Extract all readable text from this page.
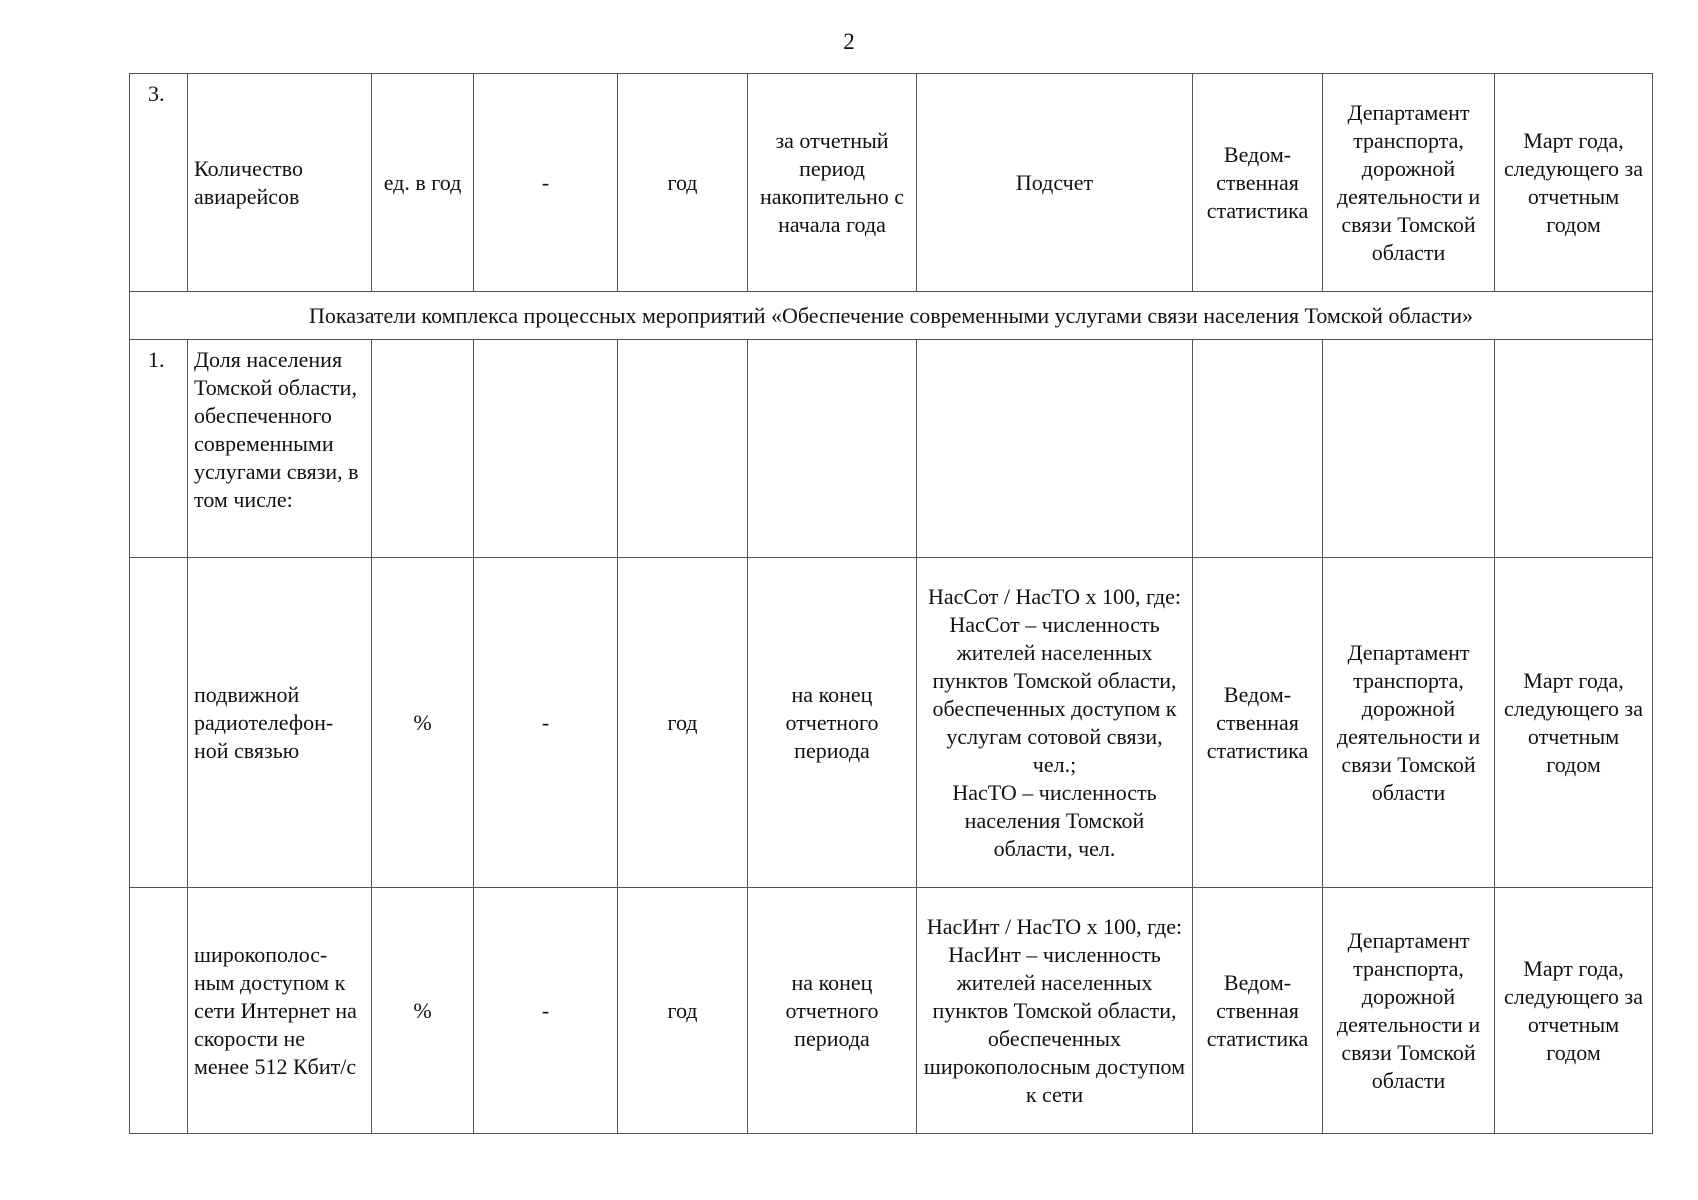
2
3.	Количество авиарейсов	ед. в год	-	год	за отчетный период накопительно с начала года	Подсчет	Ведом-ственная статистика	Департамент транспорта, дорожной деятельности и связи Томской области	Март года, следующего за отчетным годом
Показатели комплекса процессных мероприятий «Обеспечение современными услугами связи населения Томской области»									
1.	Доля населения Томской области, обеспеченного современными услугами связи, в том числе:								
	подвижной радиотелефон-ной связью	%	-	год	на конец отчетного периода	НасСот / НасТО x 100, где:
НасСот – численность жителей населенных пунктов Томской области, обеспеченных доступом к услугам сотовой связи, чел.;
НасТО – численность населения Томской области, чел.	Ведом-ственная статистика	Департамент транспорта, дорожной деятельности и связи Томской области	Март года, следующего за отчетным годом
	широкополос-ным доступом к сети Интернет на скорости не менее 512 Кбит/с	%	-	год	на конец отчетного периода	НасИнт / НасТО x 100, где:
НасИнт – численность жителей населенных пунктов Томской области, обеспеченных широкополосным доступом к сети	Ведом-ственная статистика	Департамент транспорта, дорожной деятельности и связи Томской области	Март года, следующего за отчетным годом
